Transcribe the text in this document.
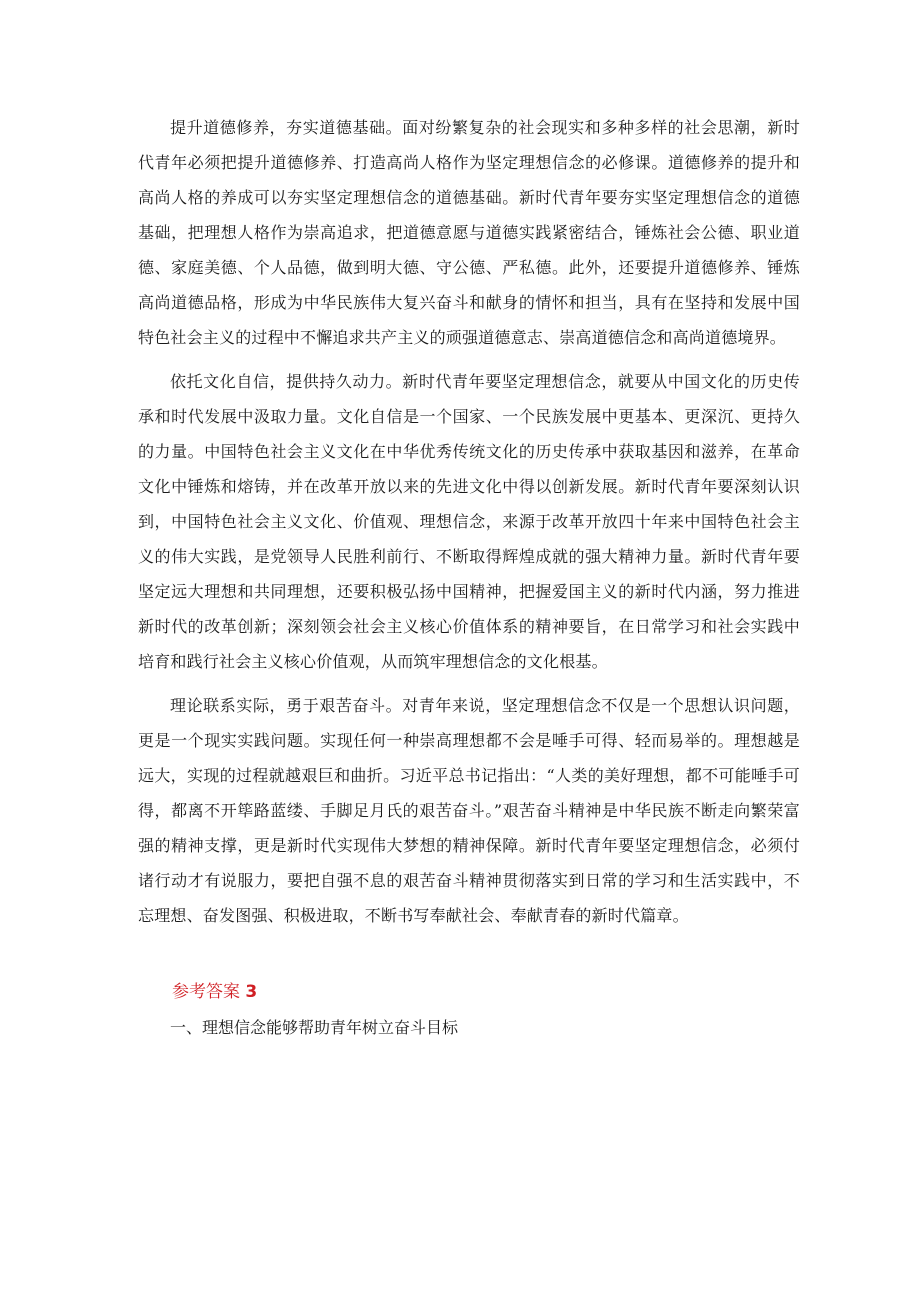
提升道德修养，夯实道德基础。面对纷繁复杂的社会现实和多种多样的社会思潮，新时代青年必须把提升道德修养、打造高尚人格作为坚定理想信念的必修课。道德修养的提升和高尚人格的养成可以夯实坚定理想信念的道德基础。新时代青年要夯实坚定理想信念的道德基础，把理想人格作为崇高追求，把道德意愿与道德实践紧密结合，锤炼社会公德、职业道德、家庭美德、个人品德，做到明大德、守公德、严私德。此外，还要提升道德修养、锤炼高尚道德品格，形成为中华民族伟大复兴奋斗和献身的情怀和担当，具有在坚持和发展中国特色社会主义的过程中不懈追求共产主义的顽强道德意志、崇高道德信念和高尚道德境界。

依托文化自信，提供持久动力。新时代青年要坚定理想信念，就要从中国文化的历史传承和时代发展中汲取力量。文化自信是一个国家、一个民族发展中更基本、更深沉、更持久的力量。中国特色社会主义文化在中华优秀传统文化的历史传承中获取基因和滋养，在革命文化中锤炼和熔铸，并在改革开放以来的先进文化中得以创新发展。新时代青年要深刻认识到，中国特色社会主义文化、价值观、理想信念，来源于改革开放四十年来中国特色社会主义的伟大实践，是党领导人民胜利前行、不断取得辉煌成就的强大精神力量。新时代青年要坚定远大理想和共同理想，还要积极弘扬中国精神，把握爱国主义的新时代内涵，努力推进新时代的改革创新；深刻领会社会主义核心价值体系的精神要旨，在日常学习和社会实践中培育和践行社会主义核心价值观，从而筑牢理想信念的文化根基。

理论联系实际，勇于艰苦奋斗。对青年来说，坚定理想信念不仅是一个思想认识问题，更是一个现实实践问题。实现任何一种崇高理想都不会是唾手可得、轻而易举的。理想越是远大，实现的过程就越艰巨和曲折。习近平总书记指出：“人类的美好理想，都不可能唾手可得，都离不开筚路蓝缕、手脚足月氏的艰苦奋斗。”艰苦奋斗精神是中华民族不断走向繁荣富强的精神支撑，更是新时代实现伟大梦想的精神保障。新时代青年要坚定理想信念，必须付诸行动才有说服力，要把自强不息的艰苦奋斗精神贯彻落实到日常的学习和生活实践中，不忘理想、奋发图强、积极进取，不断书写奉献社会、奉献青春的新时代篇章。

参考答案 3
一、理想信念能够帮助青年树立奋斗目标
